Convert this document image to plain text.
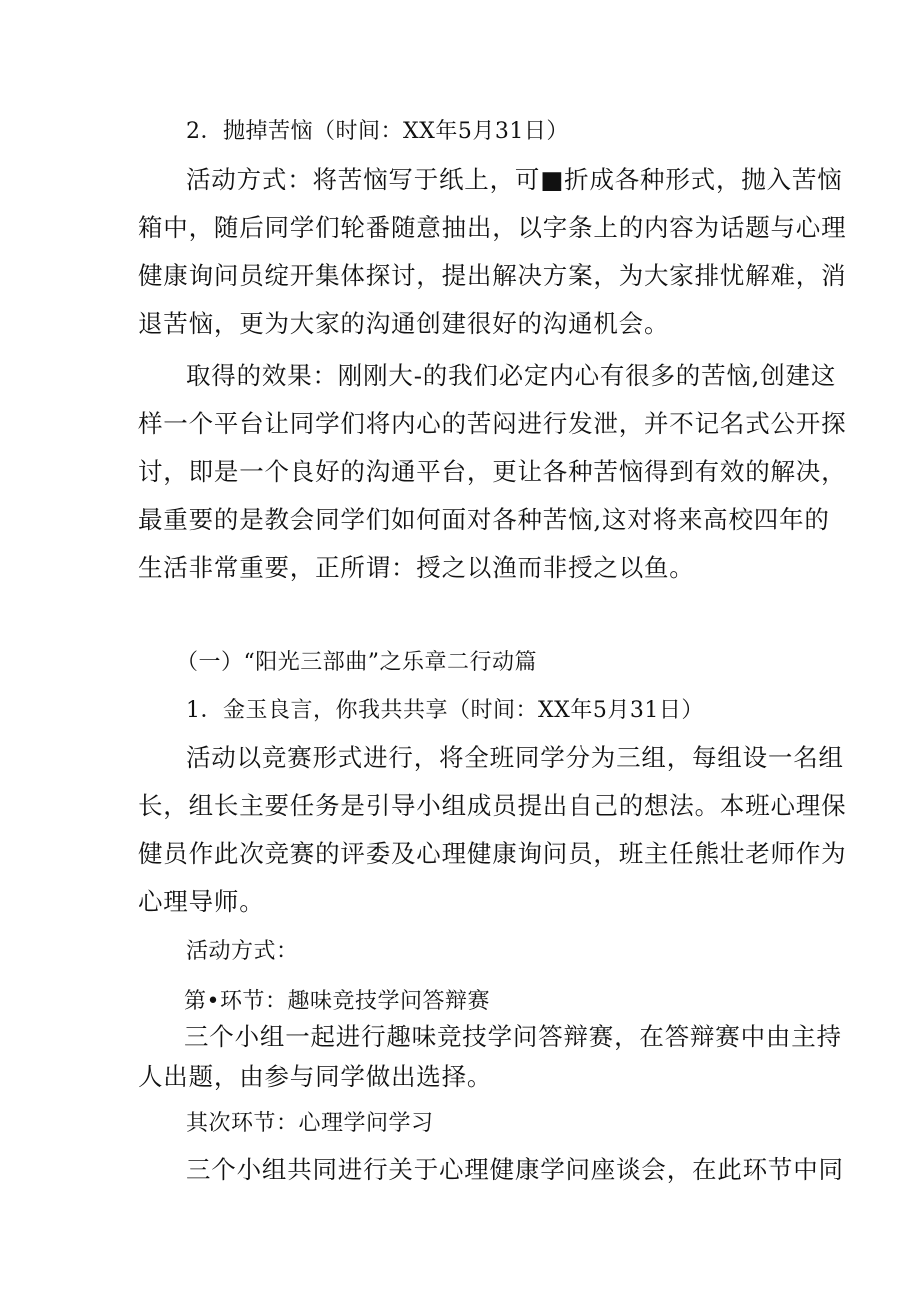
2．抛掉苦恼（时间：XX年5月31日）
活动方式：将苦恼写于纸上，可■折成各种形式，抛入苦恼
箱中，随后同学们轮番随意抽出，以字条上的内容为话题与心理
健康询问员绽开集体探讨，提出解决方案，为大家排忧解难，消
退苦恼，更为大家的沟通创建很好的沟通机会。
取得的效果：刚刚大-的我们必定内心有很多的苦恼,创建这
样一个平台让同学们将内心的苦闷进行发泄，并不记名式公开探
讨，即是一个良好的沟通平台，更让各种苦恼得到有效的解决，
最重要的是教会同学们如何面对各种苦恼,这对将来高校四年的
生活非常重要，正所谓：授之以渔而非授之以鱼。
（一）“阳光三部曲”之乐章二行动篇
1．金玉良言，你我共共享（时间：XX年5月31日）
活动以竞赛形式进行，将全班同学分为三组，每组设一名组
长，组长主要任务是引导小组成员提出自己的想法。本班心理保
健员作此次竞赛的评委及心理健康询问员，班主任熊壮老师作为
心理导师。
活动方式：
第•环节：趣味竞技学问答辩赛
三个小组一起进行趣味竞技学问答辩赛，在答辩赛中由主持
人出题，由参与同学做出选择。
其次环节：心理学问学习
三个小组共同进行关于心理健康学问座谈会，在此环节中同
